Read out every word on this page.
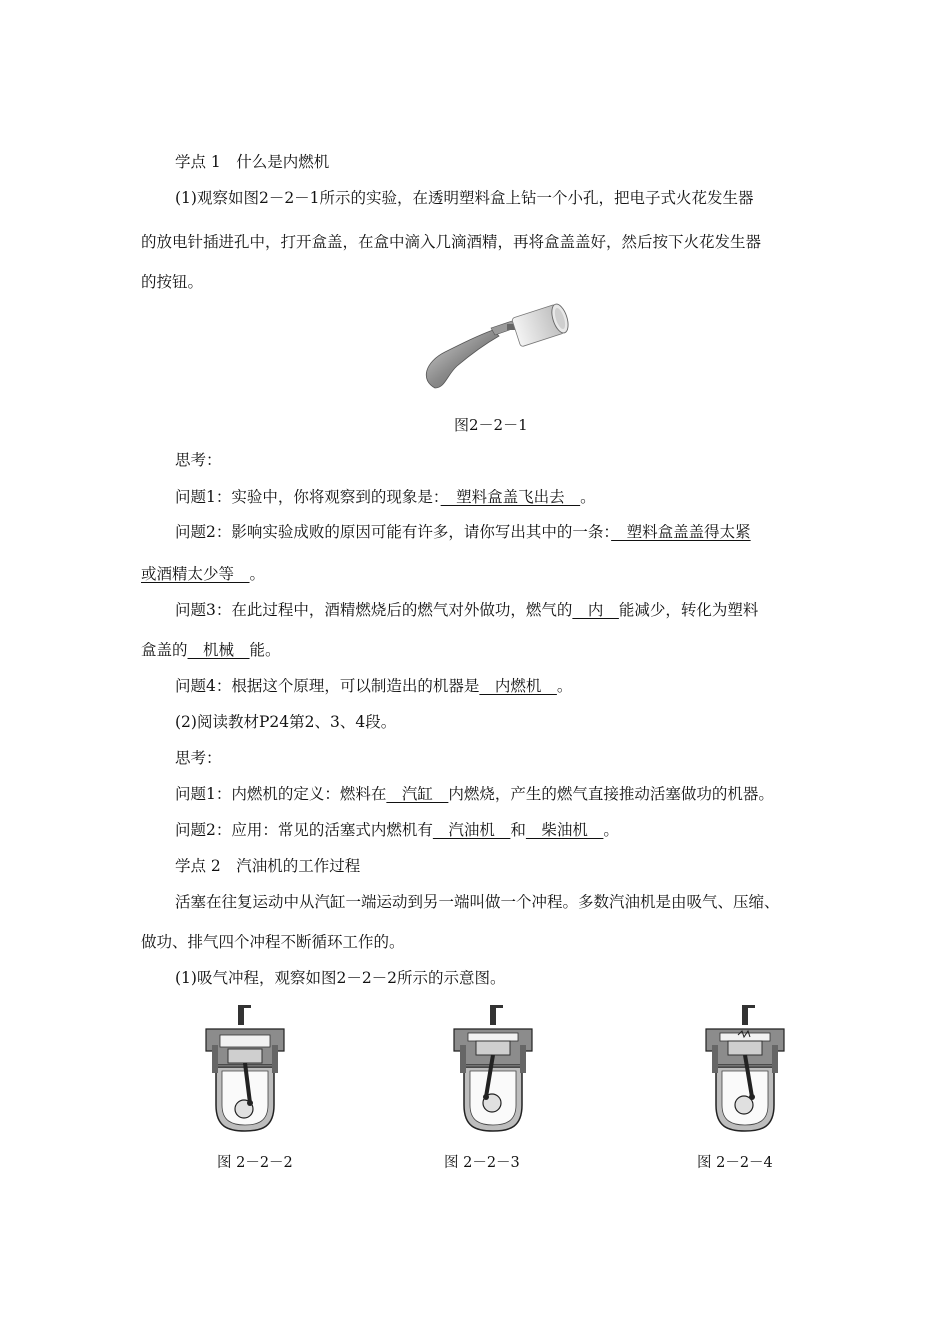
学点 1　什么是内燃机
(1)观察如图2－2－1所示的实验，在透明塑料盒上钻一个小孔，把电子式火花发生器
的放电针插进孔中，打开盒盖，在盒中滴入几滴酒精，再将盒盖盖好，然后按下火花发生器
的按钮。
图2－2－1
思考：
问题1：实验中，你将观察到的现象是：　塑料盒盖飞出去　。
问题2：影响实验成败的原因可能有许多，请你写出其中的一条：　塑料盒盖盖得太紧
或酒精太少等　。
问题3：在此过程中，酒精燃烧后的燃气对外做功，燃气的　内　能减少，转化为塑料
盒盖的　机械　能。
问题4：根据这个原理，可以制造出的机器是　内燃机　。
(2)阅读教材P24第2、3、4段。
思考：
问题1：内燃机的定义：燃料在　汽缸　内燃烧，产生的燃气直接推动活塞做功的机器。
问题2：应用：常见的活塞式内燃机有　汽油机　和　柴油机　。
学点 2　汽油机的工作过程
活塞在往复运动中从汽缸一端运动到另一端叫做一个冲程。多数汽油机是由吸气、压缩、
做功、排气四个冲程不断循环工作的。
(1)吸气冲程，观察如图2－2－2所示的示意图。
图 2－2－2	图 2－2－3	图 2－2－4
